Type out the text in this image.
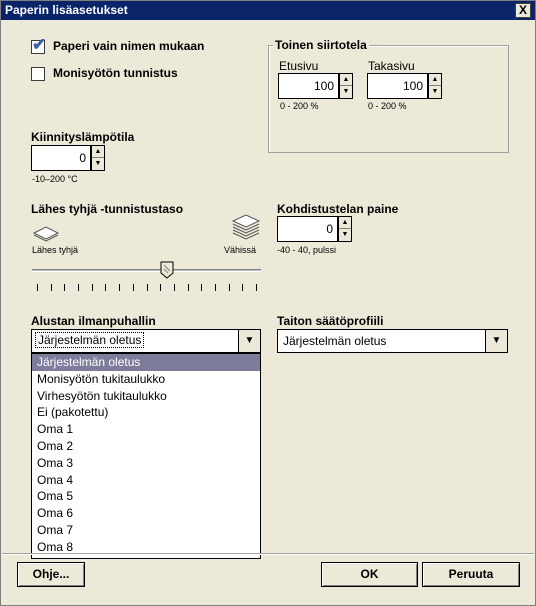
Paperin lisäasetukset	X
✔ Paperi vain nimen mukaan
Monisyötön tunnistus
Toinen siirtotela
Etusivu
100	▲
▼
0 - 200 %
Takasivu
100	▲
▼
0 - 200 %
Kiinnityslämpötila
0	▲
▼
-10–200 °C
Lähes tyhjä -tunnistustaso
Lähes tyhjä	Vähissä
Kohdistustelan paine
0	▲
▼
-40 - 40, pulssi
Alustan ilmanpuhallin
Järjestelmän oletus	▼
Järjestelmän oletus
Monisyötön tukitaulukko
Virhesyötön tukitaulukko
Ei (pakotettu)
Oma 1
Oma 2
Oma 3
Oma 4
Oma 5
Oma 6
Oma 7
Oma 8
Taiton säätöprofiili
Järjestelmän oletus	▼
Ohje...	OK	Peruuta
